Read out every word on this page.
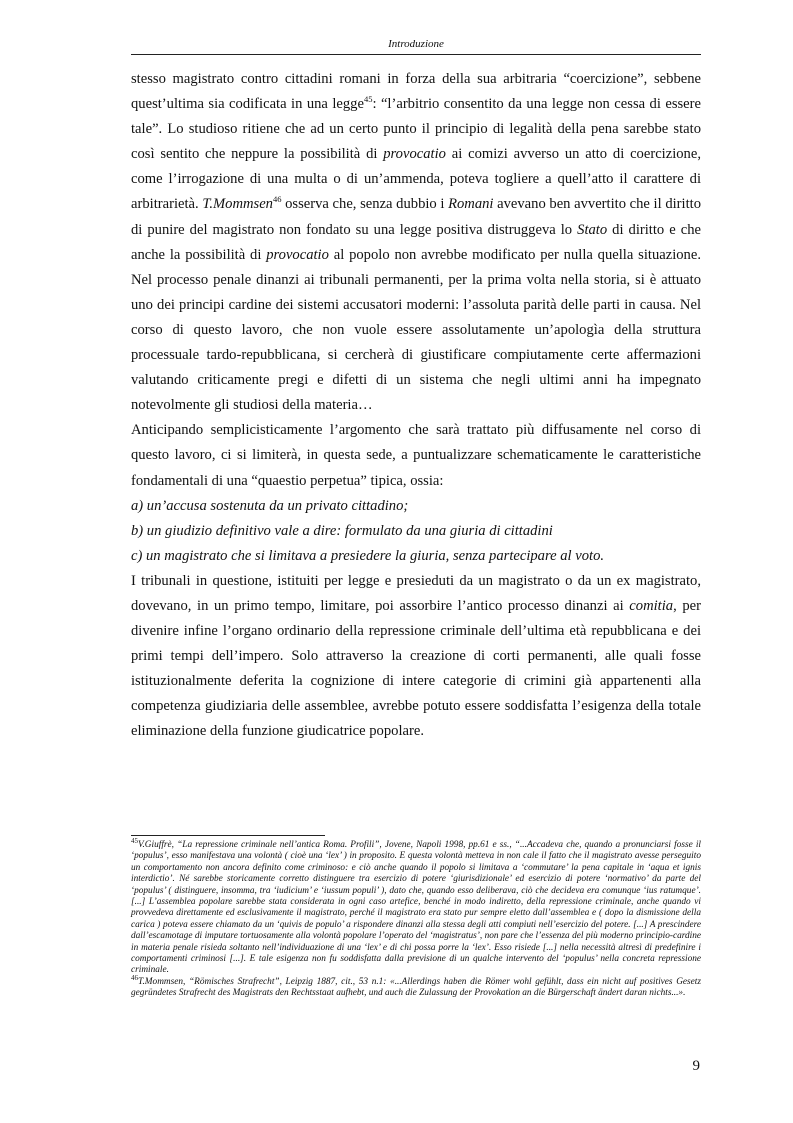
Introduzione

stesso magistrato contro cittadini romani in forza della sua arbitraria “coercizione”, sebbene quest’ultima sia codificata in una legge$^{45}$: “l’arbitrio consentito da una legge non cessa di essere tale”. Lo studioso ritiene che ad un certo punto il principio di legalità della pena sarebbe stato così sentito che neppure la possibilità di provocatio ai comizi avverso un atto di coercizione, come l’irrogazione di una multa o di un’ammenda, poteva togliere a quell’atto il carattere di arbitrarietà. T.Mommsen$^{46}$ osserva che, senza dubbio i Romani avevano ben avvertito che il diritto di punire del magistrato non fondato su una legge positiva distruggeva lo Stato di diritto e che anche la possibilità di provocatio al popolo non avrebbe modificato per nulla quella situazione. Nel processo penale dinanzi ai tribunali permanenti, per la prima volta nella storia, si è attuato uno dei principi cardine dei sistemi accusatori moderni: l’assoluta parità delle parti in causa. Nel corso di questo lavoro, che non vuole essere assolutamente un’apologìa della struttura processuale tardo-repubblicana, si cercherà di giustificare compiutamente certe affermazioni valutando criticamente pregi e difetti di un sistema che negli ultimi anni ha impegnato notevolmente gli studiosi della materia…

Anticipando semplicisticamente l’argomento che sarà trattato più diffusamente nel corso di questo lavoro, ci si limiterà, in questa sede, a puntualizzare schematicamente le caratteristiche fondamentali di una “quaestio perpetua” tipica, ossia:

a) un’accusa sostenuta da un privato cittadino;

b) un giudizio definitivo vale a dire: formulato da una giuria di cittadini

c) un magistrato che si limitava a presiedere la giuria, senza partecipare al voto.

I tribunali in questione, istituiti per legge e presieduti da un magistrato o da un ex magistrato, dovevano, in un primo tempo, limitare, poi assorbire l’antico processo dinanzi ai comitia, per divenire infine l’organo ordinario della repressione criminale dell’ultima età repubblicana e dei primi tempi dell’impero. Solo attraverso la creazione di corti permanenti, alle quali fosse istituzionalmente deferita la cognizione di intere categorie di crimini già appartenenti alla competenza giudiziaria delle assemblee, avrebbe potuto essere soddisfatta l’esigenza della totale eliminazione della funzione giudicatrice popolare.

$^{45}$V.Giuffrè, “La repressione criminale nell’antica Roma. Profili”, Jovene, Napoli 1998, pp.61 e ss., “...Accadeva che, quando a pronunciarsi fosse il ‘populus’, esso manifestava una volontà ( cioè una ‘lex’ ) in proposito. E questa volontà metteva in non cale il fatto che il magistrato avesse perseguito un comportamento non ancora definito come criminoso: e ciò anche quando il popolo si limitava a ‘commutare’ la pena capitale in ‘aqua et ignis interdictio’. Né sarebbe storicamente corretto distinguere tra esercizio di potere ‘giurisdizionale’ ed esercizio di potere ‘normativo’ da parte del ‘populus’ ( distinguere, insomma, tra ‘iudicium’ e ‘iussum populi’ ), dato che, quando esso deliberava, ciò che decideva era comunque ‘ius ratumque’.[...] L’assemblea popolare sarebbe stata considerata in ogni caso artefice, benché in modo indiretto, della repressione criminale, anche quando vi provvedeva direttamente ed esclusivamente il magistrato, perché il magistrato era stato pur sempre eletto dall’assemblea e ( dopo la dismissione della carica ) poteva essere chiamato da un ‘quivis de populo’ a rispondere dinanzi alla stessa degli atti compiuti nell’esercizio del potere. [...] A prescindere dall’escamotage di imputare tortuosamente alla volontà popolare l’operato del ‘magistratus’, non pare che l’essenza del più moderno principio-cardine in materia penale risieda soltanto nell’individuazione di una ‘lex’ e di chi possa porre la ‘lex’. Esso risiede [...] nella necessità altresì di predefinire i comportamenti criminosi [...]. E tale esigenza non fu soddisfatta dalla previsione di un qualche intervento del ‘populus’ nella concreta repressione criminale.

$^{46}$T.Mommsen, “Römisches Strafrecht”, Leipzig 1887, cit., 53 n.1: «...Allerdings haben die Römer wohl gefühlt, dass ein nicht auf positives Gesetz gegründetes Strafrecht des Magistrats den Rechtsstaat aufhebt, und auch die Zulassung der Provokation an die Bürgerschaft ändert daran nichts...».

9
